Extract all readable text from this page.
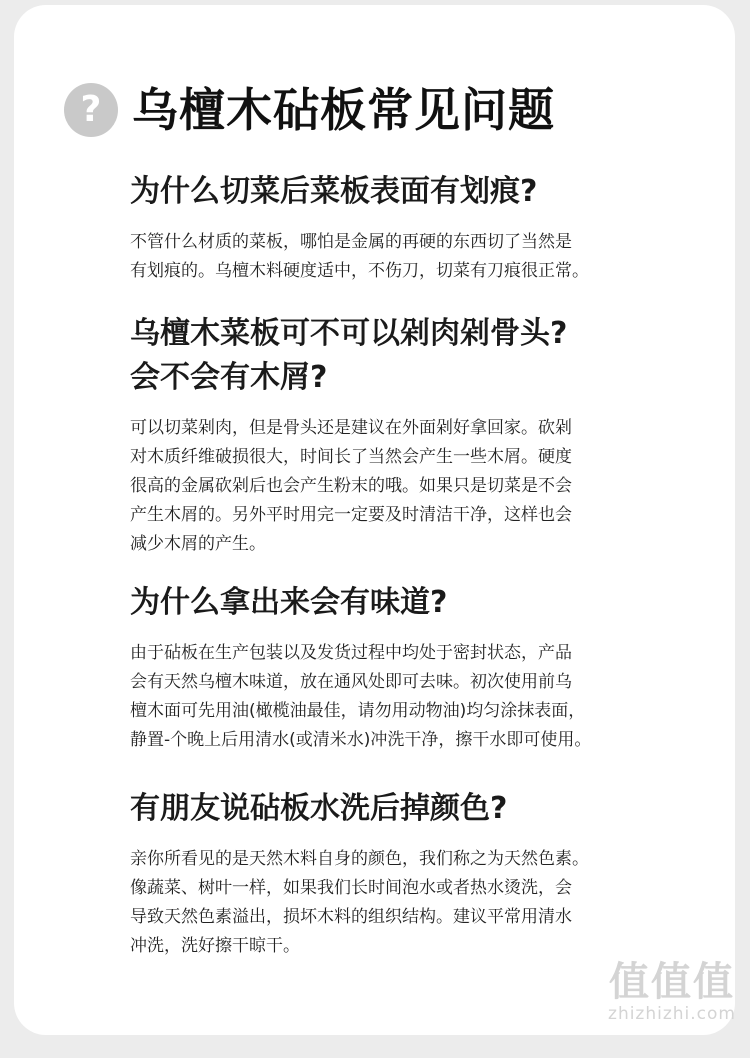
? 乌檀木砧板常见问题
为什么切菜后菜板表面有划痕?
不管什么材质的菜板，哪怕是金属的再硬的东西切了当然是
有划痕的。乌檀木料硬度适中，不伤刀，切菜有刀痕很正常。
乌檀木菜板可不可以剁肉剁骨头?
会不会有木屑?
可以切菜剁肉，但是骨头还是建议在外面剁好拿回家。砍剁
对木质纤维破损很大，时间长了当然会产生一些木屑。硬度
很高的金属砍剁后也会产生粉末的哦。如果只是切菜是不会
产生木屑的。另外平时用完一定要及时清洁干净，这样也会
减少木屑的产生。
为什么拿出来会有味道?
由于砧板在生产包装以及发货过程中均处于密封状态，产品
会有天然乌檀木味道，放在通风处即可去味。初次使用前乌
檀木面可先用油(橄榄油最佳，请勿用动物油)均匀涂抹表面，
静置-个晚上后用清水(或清米水)冲洗干净，擦干水即可使用。
有朋友说砧板水洗后掉颜色?
亲你所看见的是天然木料自身的颜色，我们称之为天然色素。
像蔬菜、树叶一样，如果我们长时间泡水或者热水烫洗，会
导致天然色素溢出，损坏木料的组织结构。建议平常用清水
冲洗，洗好擦干晾干。
值值值
zhizhizhi.com
